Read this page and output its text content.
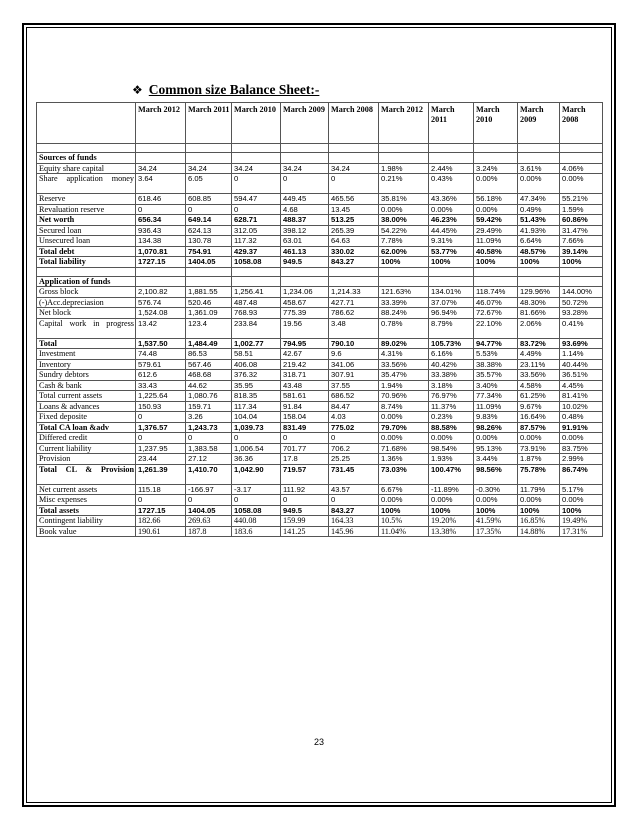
❖ Common size Balance Sheet:-
	March 2012	March 2011	March 2010	March 2009	March 2008	March 2012	March 2011	March 2010	March 2009	March 2008

Sources of funds										
Equity share capital	34.24	34.24	34.24	34.24	34.24	1.98%	2.44%	3.24%	3.61%	4.06%
Share application money	3.64	6.05	0	0	0	0.21%	0.43%	0.00%	0.00%	0.00%
Reserve	618.46	608.85	594.47	449.45	465.56	35.81%	43.36%	56.18%	47.34%	55.21%
Revaluation reserve	0	0	0	4.68	13.45	0.00%	0.00%	0.00%	0.49%	1.59%
Net worth	656.34	649.14	628.71	488.37	513.25	38.00%	46.23%	59.42%	51.43%	60.86%
Secured loan	936.43	624.13	312.05	398.12	265.39	54.22%	44.45%	29.49%	41.93%	31.47%
Unsecured loan	134.38	130.78	117.32	63.01	64.63	7.78%	9.31%	11.09%	6.64%	7.66%
Total debt	1,070.81	754.91	429.37	461.13	330.02	62.00%	53.77%	40.58%	48.57%	39.14%
Total liability	1727.15	1404.05	1058.08	949.5	843.27	100%	100%	100%	100%	100%

Application of funds										
Gross block	2,100.82	1,881.55	1,256.41	1,234.06	1,214.33	121.63%	134.01%	118.74%	129.96%	144.00%
(-)Acc.depreciasion	576.74	520.46	487.48	458.67	427.71	33.39%	37.07%	46.07%	48.30%	50.72%
Net block	1,524.08	1,361.09	768.93	775.39	786.62	88.24%	96.94%	72.67%	81.66%	93.28%
Capital work in progress	13.42	123.4	233.84	19.56	3.48	0.78%	8.79%	22.10%	2.06%	0.41%
Total	1,537.50	1,484.49	1,002.77	794.95	790.10	89.02%	105.73%	94.77%	83.72%	93.69%
Investment	74.48	86.53	58.51	42.67	9.6	4.31%	6.16%	5.53%	4.49%	1.14%
Inventory	579.61	567.46	406.08	219.42	341.06	33.56%	40.42%	38.38%	23.11%	40.44%
Sundry debtors	612.6	468.68	376.32	318.71	307.91	35.47%	33.38%	35.57%	33.56%	36.51%
Cash & bank	33.43	44.62	35.95	43.48	37.55	1.94%	3.18%	3.40%	4.58%	4.45%
Total current assets	1,225.64	1,080.76	818.35	581.61	686.52	70.96%	76.97%	77.34%	61.25%	81.41%
Loans & advances	150.93	159.71	117.34	91.84	84.47	8.74%	11.37%	11.09%	9.67%	10.02%
Fixed deposite	0	3.26	104.04	158.04	4.03	0.00%	0.23%	9.83%	16.64%	0.48%
Total CA loan &adv	1,376.57	1,243.73	1,039.73	831.49	775.02	79.70%	88.58%	98.26%	87.57%	91.91%
Differed credit	0	0	0	0	0	0.00%	0.00%	0.00%	0.00%	0.00%
Current liability	1,237.95	1,383.58	1,006.54	701.77	706.2	71.68%	98.54%	95.13%	73.91%	83.75%
Provision	23.44	27.12	36.36	17.8	25.25	1.36%	1.93%	3.44%	1.87%	2.99%
Total CL & Provision	1,261.39	1,410.70	1,042.90	719.57	731.45	73.03%	100.47%	98.56%	75.78%	86.74%
Net current assets	115.18	-166.97	-3.17	111.92	43.57	6.67%	-11.89%	-0.30%	11.79%	5.17%
Misc expenses	0	0	0	0	0	0.00%	0.00%	0.00%	0.00%	0.00%
Total assets	1727.15	1404.05	1058.08	949.5	843.27	100%	100%	100%	100%	100%
Contingent liability	182.66	269.63	440.08	159.99	164.33	10.5%	19.20%	41.59%	16.85%	19.49%
Book value	190.61	187.8	183.6	141.25	145.96	11.04%	13.38%	17.35%	14.88%	17.31%
23
